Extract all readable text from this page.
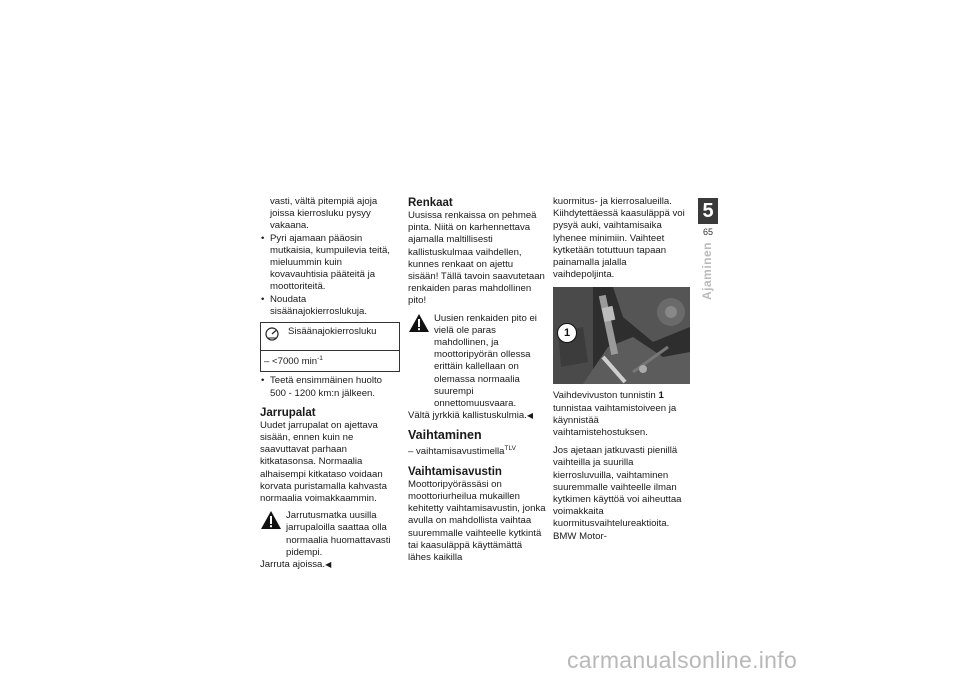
vasti, vältä pitempiä ajoja joissa kierrosluku pysyy vakaana.

• Pyri ajamaan pääosin mutkaisia, kumpuilevia teitä, mieluummin kuin kovavauhtisia pääteitä ja moottoriteitä.

• Noudata sisäänajokierroslukuja.

Sisäänajokierrosluku
– <7000 $\min^{-1}$

• Teetä ensimmäinen huolto 500 - 1200 km:n jälkeen.

Jarrupalat

Uudet jarrupalat on ajettava sisään, ennen kuin ne saavuttavat parhaan kitkatasonsa. Normaalia alhaisempi kitkataso voidaan korvata puristamalla kahvasta normaalia voimakkaammin.

Jarrutusmatka uusilla jarrupaloilla saattaa olla normaalia huomattavasti pidempi.

Jarruta ajoissa.◀

Renkaat

Uusissa renkaissa on pehmeä pinta. Niitä on karhennettava ajamalla maltillisesti kallistuskulmaa vaihdellen, kunnes renkaat on ajettu sisään! Tällä tavoin saavutetaan renkaiden paras mahdollinen pito!

Uusien renkaiden pito ei vielä ole paras mahdollinen, ja moottoripyörän ollessa erittäin kallellaan on olemassa normaalia suurempi onnettomuusvaara.

Vältä jyrkkiä kallistuskulmia.◀

Vaihtaminen

– vaihtamisavustimella$^{TLV}$

Vaihtamisavustin

Moottoripyörässäsi on moottoriurheilua mukaillen kehitetty vaihtamisavustin, jonka avulla on mahdollista vaihtaa suuremmalle vaihteelle kytkintä tai kaasuläppä käyttämättä lähes kaikilla

kuormitus- ja kierrosalueilla. Kiihdytettäessä kaasuläppä voi pysyä auki, vaihtamisaika lyhenee minimiin. Vaihteet kytketään totuttuun tapaan painamalla jalalla vaihdepoljinta.

1

Vaihdevivuston tunnistin 1 tunnistaa vaihtamistoiveen ja käynnistää vaihtamistehostuksen.

Jos ajetaan jatkuvasti pienillä vaihteilla ja suurilla kierrosluvuilla, vaihtaminen suuremmalle vaihteelle ilman kytkimen käyttöä voi aiheuttaa voimakkaita kuormitusvaihtelureaktioita. BMW Motor-

5
65
Ajaminen
carmanualsonline.info
